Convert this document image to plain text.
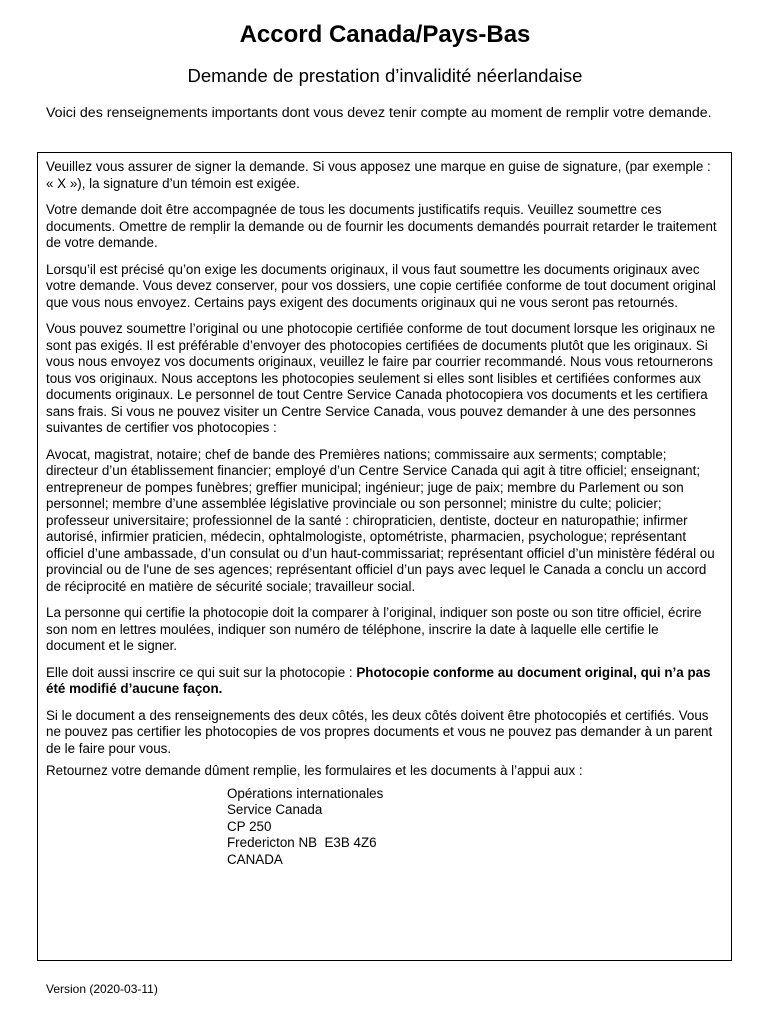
Accord Canada/Pays-Bas
Demande de prestation d’invalidité néerlandaise
Voici des renseignements importants dont vous devez tenir compte au moment de remplir votre demande.

Veuillez vous assurer de signer la demande. Si vous apposez une marque en guise de signature, (par exemple : « X »), la signature d’un témoin est exigée.

Votre demande doit être accompagnée de tous les documents justificatifs requis. Veuillez soumettre ces documents. Omettre de remplir la demande ou de fournir les documents demandés pourrait retarder le traitement de votre demande.

Lorsqu’il est précisé qu’on exige les documents originaux, il vous faut soumettre les documents originaux avec votre demande. Vous devez conserver, pour vos dossiers, une copie certifiée conforme de tout document original que vous nous envoyez. Certains pays exigent des documents originaux qui ne vous seront pas retournés.

Vous pouvez soumettre l’original ou une photocopie certifiée conforme de tout document lorsque les originaux ne sont pas exigés. Il est préférable d’envoyer des photocopies certifiées de documents plutôt que les originaux. Si vous nous envoyez vos documents originaux, veuillez le faire par courrier recommandé. Nous vous retournerons tous vos originaux. Nous acceptons les photocopies seulement si elles sont lisibles et certifiées conformes aux documents originaux. Le personnel de tout Centre Service Canada photocopiera vos documents et les certifiera sans frais. Si vous ne pouvez visiter un Centre Service Canada, vous pouvez demander à une des personnes suivantes de certifier vos photocopies :

Avocat, magistrat, notaire; chef de bande des Premières nations; commissaire aux serments; comptable; directeur d’un établissement financier; employé d’un Centre Service Canada qui agit à titre officiel; enseignant; entrepreneur de pompes funèbres; greffier municipal; ingénieur; juge de paix; membre du Parlement ou son personnel; membre d’une assemblée législative provinciale ou son personnel; ministre du culte; policier; professeur universitaire; professionnel de la santé : chiropraticien, dentiste, docteur en naturopathie; infirmer autorisé, infirmier praticien, médecin, ophtalmologiste, optométriste, pharmacien, psychologue; représentant officiel d’une ambassade, d’un consulat ou d’un haut-commissariat; représentant officiel d’un ministère fédéral ou provincial ou de l'une de ses agences; représentant officiel d’un pays avec lequel le Canada a conclu un accord de réciprocité en matière de sécurité sociale; travailleur social.

La personne qui certifie la photocopie doit la comparer à l’original, indiquer son poste ou son titre officiel, écrire son nom en lettres moulées, indiquer son numéro de téléphone, inscrire la date à laquelle elle certifie le document et le signer.

Elle doit aussi inscrire ce qui suit sur la photocopie : Photocopie conforme au document original, qui n’a pas été modifié d’aucune façon.

Si le document a des renseignements des deux côtés, les deux côtés doivent être photocopiés et certifiés. Vous ne pouvez pas certifier les photocopies de vos propres documents et vous ne pouvez pas demander à un parent de le faire pour vous.

Retournez votre demande dûment remplie, les formulaires et les documents à l’appui aux :

Opérations internationales
Service Canada
CP 250
Fredericton NB  E3B 4Z6
CANADA
Version (2020-03-11)
